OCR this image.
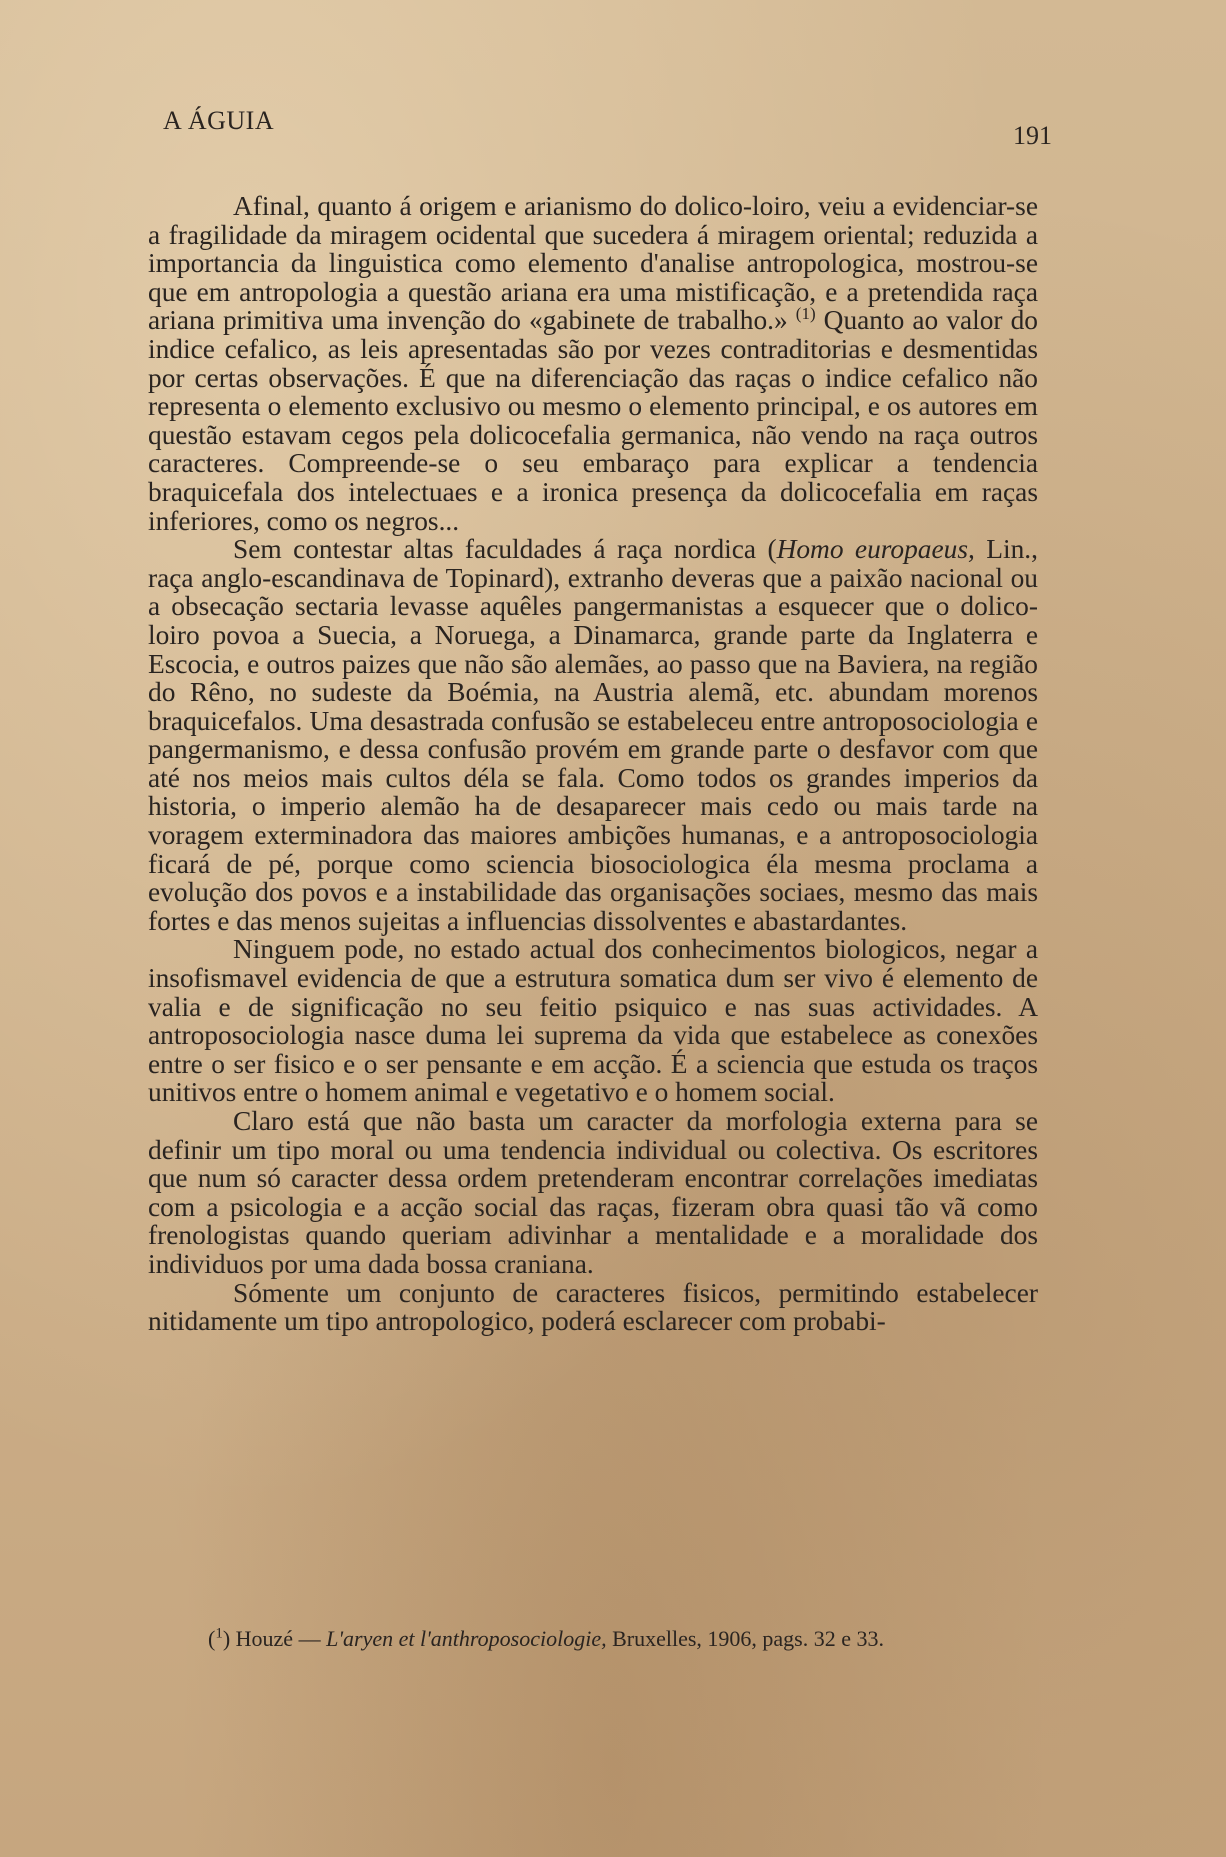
A ÁGUIA
191

Afinal, quanto á origem e arianismo do dolico-loiro, veiu a evidenciar-se a fragilidade da miragem ocidental que sucedera á miragem oriental; reduzida a importancia da linguistica como elemento d'analise antropologica, mostrou-se que em antropologia a questão ariana era uma mistificação, e a pretendida raça ariana primitiva uma invenção do «gabinete de trabalho.» $^{(1)}$ Quanto ao valor do indice cefalico, as leis apresentadas são por vezes contraditorias e desmentidas por certas observações. É que na diferenciação das raças o indice cefalico não representa o elemento exclusivo ou mesmo o elemento principal, e os autores em questão estavam cegos pela dolicocefalia germanica, não vendo na raça outros caracteres. Compreende-se o seu embaraço para explicar a tendencia braquicefala dos intelectuaes e a ironica presença da dolicocefalia em raças inferiores, como os negros...

Sem contestar altas faculdades á raça nordica (Homo europaeus, Lin., raça anglo-escandinava de Topinard), extranho deveras que a paixão nacional ou a obsecação sectaria levasse aquêles pangermanistas a esquecer que o dolico-loiro povoa a Suecia, a Noruega, a Dinamarca, grande parte da Inglaterra e Escocia, e outros paizes que não são alemães, ao passo que na Baviera, na região do Rêno, no sudeste da Boémia, na Austria alemã, etc. abundam morenos braquicefalos. Uma desastrada confusão se estabeleceu entre antroposociologia e pangermanismo, e dessa confusão provém em grande parte o desfavor com que até nos meios mais cultos déla se fala. Como todos os grandes imperios da historia, o imperio alemão ha de desaparecer mais cedo ou mais tarde na voragem exterminadora das maiores ambições humanas, e a antroposociologia ficará de pé, porque como sciencia biosociologica éla mesma proclama a evolução dos povos e a instabilidade das organisações sociaes, mesmo das mais fortes e das menos sujeitas a influencias dissolventes e abastardantes.

Ninguem pode, no estado actual dos conhecimentos biologicos, negar a insofismavel evidencia de que a estrutura somatica dum ser vivo é elemento de valia e de significação no seu feitio psiquico e nas suas actividades. A antroposociologia nasce duma lei suprema da vida que estabelece as conexões entre o ser fisico e o ser pensante e em acção. É a sciencia que estuda os traços unitivos entre o homem animal e vegetativo e o homem social.

Claro está que não basta um caracter da morfologia externa para se definir um tipo moral ou uma tendencia individual ou colectiva. Os escritores que num só caracter dessa ordem pretenderam encontrar correlações imediatas com a psicologia e a acção social das raças, fizeram obra quasi tão vã como frenologistas quando queriam adivinhar a mentalidade e a moralidade dos individuos por uma dada bossa craniana.

Sómente um conjunto de caracteres fisicos, permitindo estabelecer nitidamente um tipo antropologico, poderá esclarecer com probabi-

($^1$) Houzé — L'aryen et l'anthroposociologie, Bruxelles, 1906, pags. 32 e 33.
